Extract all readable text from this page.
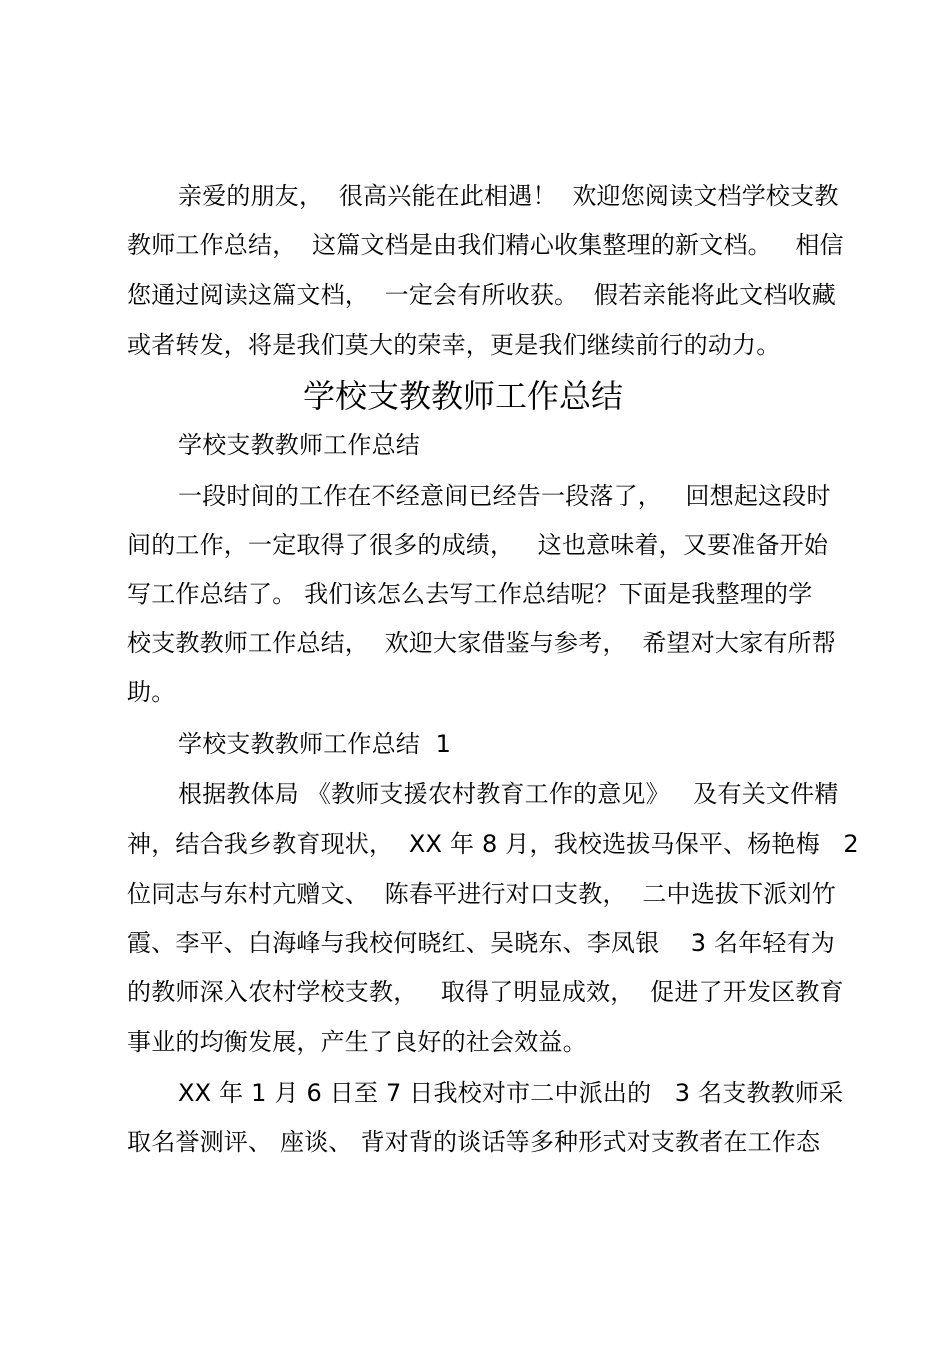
亲爱的朋友，  很高兴能在此相遇！  欢迎您阅读文档学校支教
教师工作总结，  这篇文档是由我们精心收集整理的新文档。   相信
您通过阅读这篇文档，  一定会有所收获。  假若亲能将此文档收藏
或者转发，将是我们莫大的荣幸，更是我们继续前行的动力。
学校支教教师工作总结
学校支教教师工作总结
一段时间的工作在不经意间已经告一段落了，   回想起这段时
间的工作，一定取得了很多的成绩，   这也意味着，又要准备开始
写工作总结了。 我们该怎么去写工作总结呢？下面是我整理的学
校支教教师工作总结，  欢迎大家借鉴与参考，  希望对大家有所帮
助。
学校支教教师工作总结  1
根据教体局 《教师支援农村教育工作的意见》   及有关文件精
神，结合我乡教育现状，  XX 年 8 月，我校选拔马保平、杨艳梅   2
位同志与东村亢赠文、  陈春平进行对口支教，  二中选拔下派刘竹
霞、李平、白海峰与我校何晓红、吴晓东、李凤银    3 名年轻有为
的教师深入农村学校支教，   取得了明显成效，  促进了开发区教育
事业的均衡发展，产生了良好的社会效益。
XX 年 1 月 6 日至 7 日我校对市二中派出的   3 名支教教师采
取名誉测评、 座谈、 背对背的谈话等多种形式对支教者在工作态
